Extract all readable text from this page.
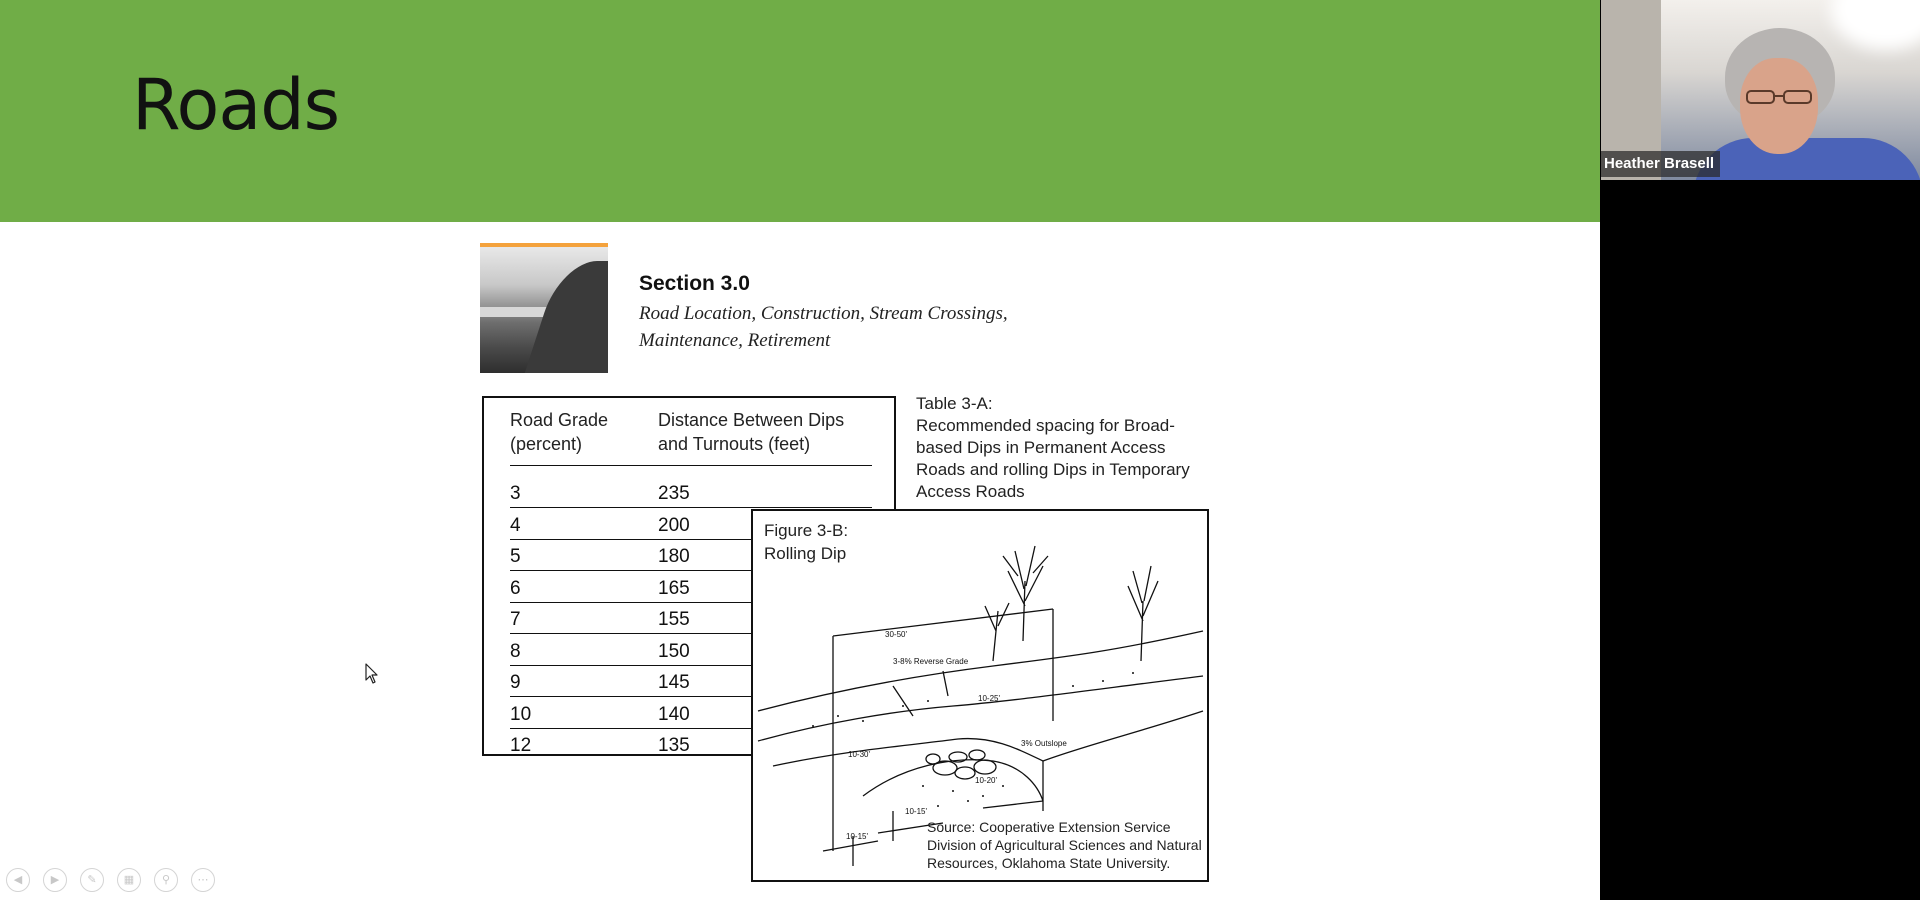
Roads
Section 3.0
Road Location, Construction, Stream Crossings, Maintenance, Retirement
Road Grade (percent)
Distance Between Dips and Turnouts (feet)
3	235
4	200
5	180
6	165
7	155
8	150
9	145
10	140
12	135
Table 3-A:
Recommended spacing for Broad-based Dips in Permanent Access Roads and rolling Dips in Temporary Access Roads
Figure 3-B:
Rolling Dip
30-50'
3-8% Reverse Grade
10-25'
3% Outslope
10-30'
10-20'
10-15'
10-15'
Source: Cooperative Extension Service Division of Agricultural Sciences and Natural Resources, Oklahoma State University.
◀	▶	✎	▦	⚲	⋯
Heather Brasell
